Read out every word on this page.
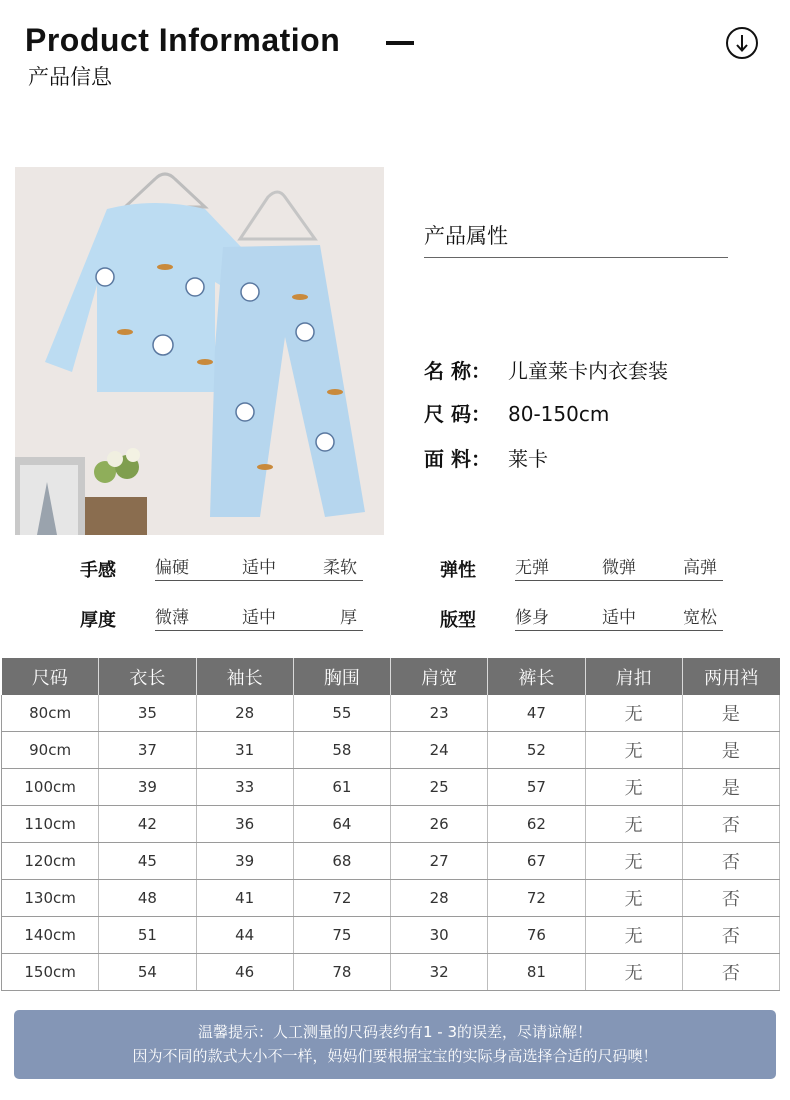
Product Information
产品信息
产品属性
名 称： 儿童莱卡内衣套装
尺 码： 80-150cm
面 料： 莱卡
手感 偏硬	适中	柔软	弹性 无弹	微弹	高弹
厚度 微薄	适中	厚	版型 修身	适中	宽松
尺码	衣长	袖长	胸围	肩宽	裤长	肩扣	两用裆
80cm	35	28	55	23	47	无	是
90cm	37	31	58	24	52	无	是
100cm	39	33	61	25	57	无	是
110cm	42	36	64	26	62	无	否
120cm	45	39	68	27	67	无	否
130cm	48	41	72	28	72	无	否
140cm	51	44	75	30	76	无	否
150cm	54	46	78	32	81	无	否
温馨提示：人工测量的尺码表约有1 - 3的误差，尽请谅解！
因为不同的款式大小不一样，妈妈们要根据宝宝的实际身高选择合适的尺码噢！
